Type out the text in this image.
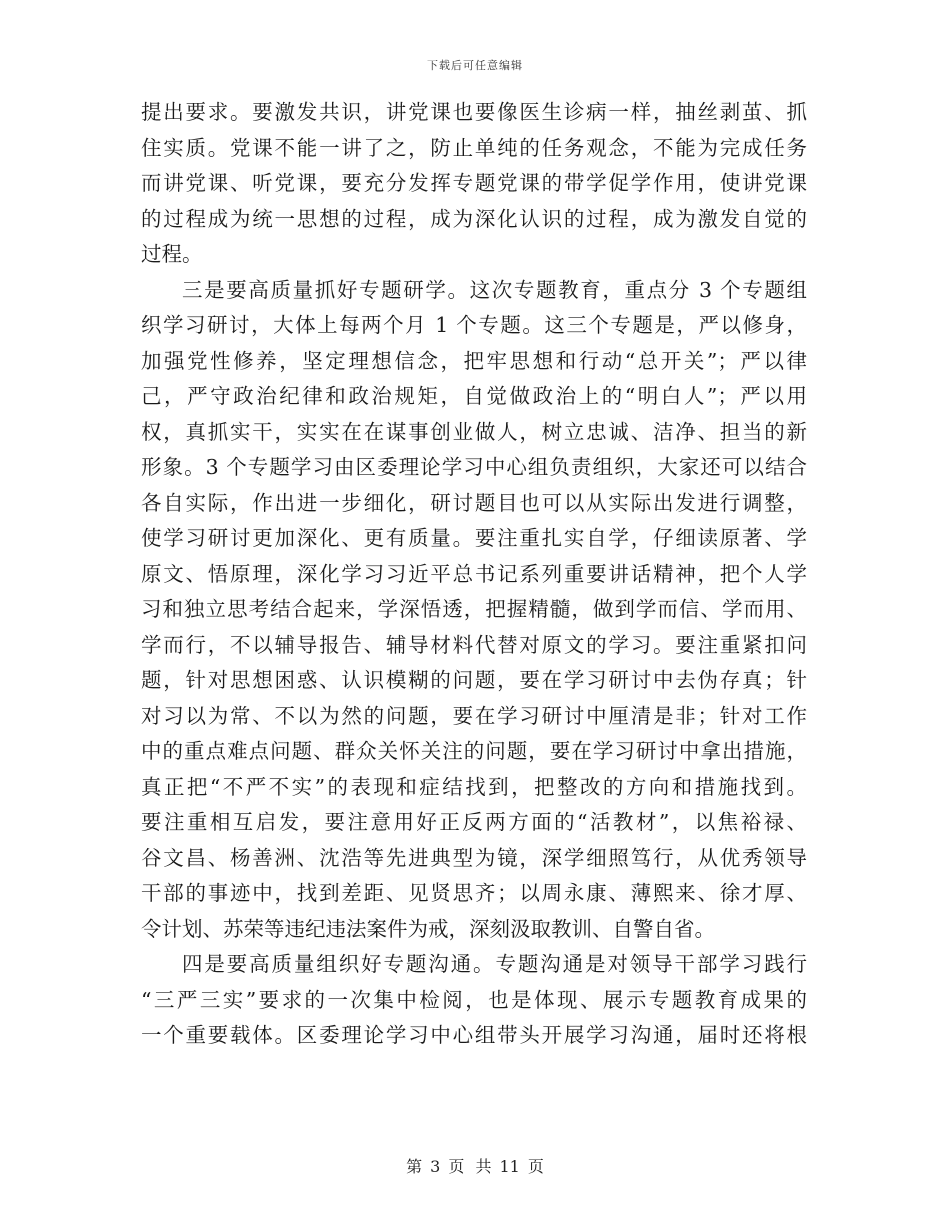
下载后可任意编辑
提出要求。要激发共识，讲党课也要像医生诊病一样，抽丝剥茧、抓
住实质。党课不能一讲了之，防止单纯的任务观念，不能为完成任务
而讲党课、听党课，要充分发挥专题党课的带学促学作用，使讲党课
的过程成为统一思想的过程，成为深化认识的过程，成为激发自觉的
过程。
三是要高质量抓好专题研学。这次专题教育，重点分 3 个专题组
织学习研讨，大体上每两个月 1 个专题。这三个专题是，严以修身，
加强党性修养，坚定理想信念，把牢思想和行动“总开关”；严以律
己，严守政治纪律和政治规矩，自觉做政治上的“明白人”；严以用
权，真抓实干，实实在在谋事创业做人，树立忠诚、洁净、担当的新
形象。3 个专题学习由区委理论学习中心组负责组织，大家还可以结合
各自实际，作出进一步细化，研讨题目也可以从实际出发进行调整，
使学习研讨更加深化、更有质量。要注重扎实自学，仔细读原著、学
原文、悟原理，深化学习习近平总书记系列重要讲话精神，把个人学
习和独立思考结合起来，学深悟透，把握精髓，做到学而信、学而用、
学而行，不以辅导报告、辅导材料代替对原文的学习。要注重紧扣问
题，针对思想困惑、认识模糊的问题，要在学习研讨中去伪存真；针
对习以为常、不以为然的问题，要在学习研讨中厘清是非；针对工作
中的重点难点问题、群众关怀关注的问题，要在学习研讨中拿出措施，
真正把“不严不实”的表现和症结找到，把整改的方向和措施找到。
要注重相互启发，要注意用好正反两方面的“活教材”，以焦裕禄、
谷文昌、杨善洲、沈浩等先进典型为镜，深学细照笃行，从优秀领导
干部的事迹中，找到差距、见贤思齐；以周永康、薄熙来、徐才厚、
令计划、苏荣等违纪违法案件为戒，深刻汲取教训、自警自省。
四是要高质量组织好专题沟通。专题沟通是对领导干部学习践行
“三严三实”要求的一次集中检阅，也是体现、展示专题教育成果的
一个重要载体。区委理论学习中心组带头开展学习沟通，届时还将根
第 3 页 共 11 页
